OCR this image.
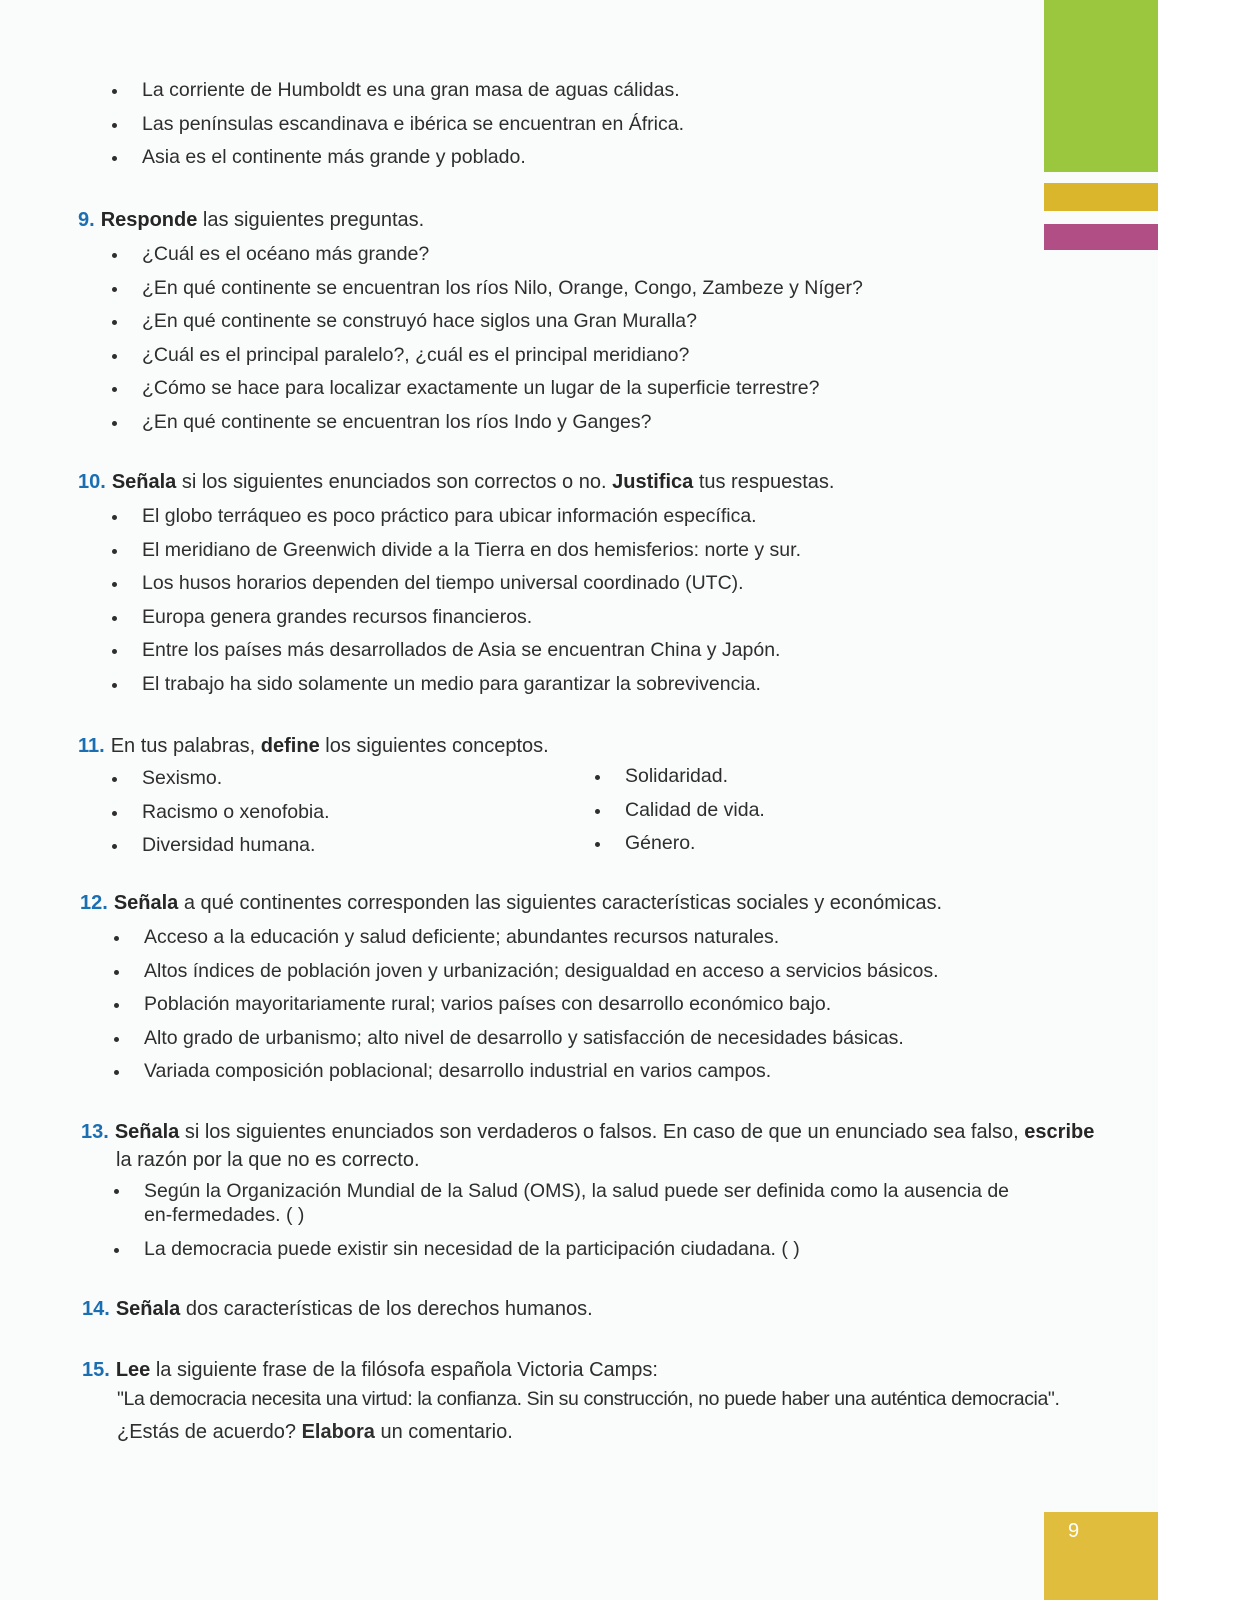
9
La corriente de Humboldt es una gran masa de aguas cálidas.
Las penínsulas escandinava e ibérica se encuentran en África.
Asia es el continente más grande y poblado.
9. Responde las siguientes preguntas.
¿Cuál es el océano más grande?
¿En qué continente se encuentran los ríos Nilo, Orange, Congo, Zambeze y Níger?
¿En qué continente se construyó hace siglos una Gran Muralla?
¿Cuál es el principal paralelo?, ¿cuál es el principal meridiano?
¿Cómo se hace para localizar exactamente un lugar de la superficie terrestre?
¿En qué continente se encuentran los ríos Indo y Ganges?
10. Señala si los siguientes enunciados son correctos o no. Justifica tus respuestas.
El globo terráqueo es poco práctico para ubicar información específica.
El meridiano de Greenwich divide a la Tierra en dos hemisferios: norte y sur.
Los husos horarios dependen del tiempo universal coordinado (UTC).
Europa genera grandes recursos financieros.
Entre los países más desarrollados de Asia se encuentran China y Japón.
El trabajo ha sido solamente un medio para garantizar la sobrevivencia.
11. En tus palabras, define los siguientes conceptos.
Sexismo.
Racismo o xenofobia.
Diversidad humana.
Solidaridad.
Calidad de vida.
Género.
12. Señala a qué continentes corresponden las siguientes características sociales y económicas.
Acceso a la educación y salud deficiente; abundantes recursos naturales.
Altos índices de población joven y urbanización; desigualdad en acceso a servicios básicos.
Población mayoritariamente rural; varios países con desarrollo económico bajo.
Alto grado de urbanismo; alto nivel de desarrollo y satisfacción de necesidades básicas.
Variada composición poblacional; desarrollo industrial en varios campos.
13. Señala si los siguientes enunciados son verdaderos o falsos. En caso de que un enunciado sea falso, escribe
la razón por la que no es correcto.
Según la Organización Mundial de la Salud (OMS), la salud puede ser definida como la ausencia de en-fermedades. ( )
La democracia puede existir sin necesidad de la participación ciudadana. ( )
14. Señala dos características de los derechos humanos.
15. Lee la siguiente frase de la filósofa española Victoria Camps:
"La democracia necesita una virtud: la confianza. Sin su construcción, no puede haber una auténtica democracia".
¿Estás de acuerdo? Elabora un comentario.
